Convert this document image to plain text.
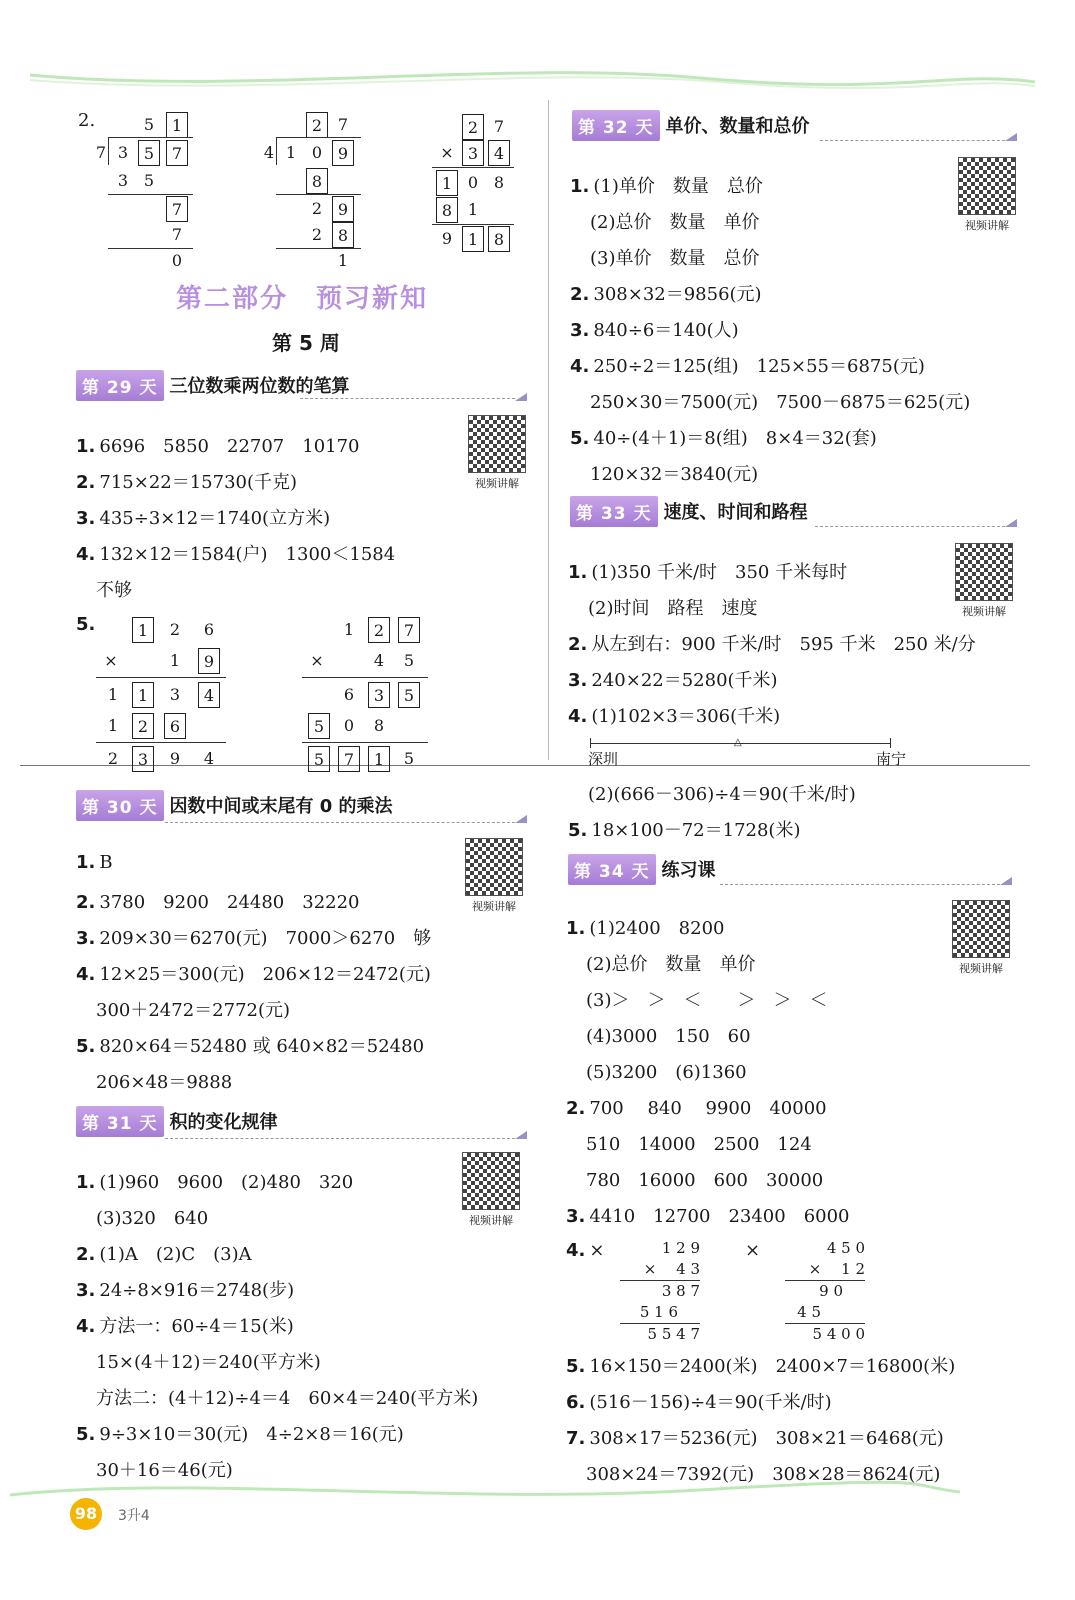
2.	5	1
7 3 5	7
3 5
7
7
0
2 7
4 1 0 9
8
2 9
2 8
1
2 7
× 3 4
1 0 8
8 1
9 1 8
第二部分　预习新知
第 5 周
第 29 天 三位数乘两位数的笔算
视频讲解
1. 6696　5850　22707　10170
2. 715×22＝15730(千克)
3. 435÷3×12＝1740(立方米)
4. 132×12＝1584(户)　1300＜1584
不够
5.	1	2	6
×	1	9
1	1	3	4
1	2	6
2	3	9	4
1	2	7
×	4	5
6	3	5
5	0	8
5	7	1	5
第 30 天 因数中间或末尾有 0 的乘法
视频讲解
1. B
2. 3780　9200　24480　32220
3. 209×30＝6270(元)　7000＞6270　够
4. 12×25＝300(元)　206×12＝2472(元)
300＋2472＝2772(元)
5. 820×64＝52480 或 640×82＝52480
206×48＝9888
第 31 天 积的变化规律
视频讲解
1. (1)960　9600　(2)480　320
(3)320　640
2. (1)A　(2)C　(3)A
3. 24÷8×916＝2748(步)
4. 方法一：60÷4＝15(米)
15×(4＋12)＝240(平方米)
方法二：(4＋12)÷4＝4　60×4＝240(平方米)
5. 9÷3×10＝30(元)　4÷2×8＝16(元)
30＋16＝46(元)
第 32 天 单价、数量和总价
视频讲解
1. (1)单价　数量　总价
(2)总价　数量　单价
(3)单价　数量　总价
2. 308×32＝9856(元)
3. 840÷6＝140(人)
4. 250÷2＝125(组)　125×55＝6875(元)
250×30＝7500(元)　7500－6875＝625(元)
5. 40÷(4＋1)＝8(组)　8×4＝32(套)
120×32＝3840(元)
第 33 天 速度、时间和路程
视频讲解
1. (1)350 千米/时　350 千米每时
(2)时间　路程　速度
2. 从左到右：900 千米/时　595 千米　250 米/分
3. 240×22＝5280(千米)
4. (1)102×3＝306(千米)
△
深圳	南宁
(2)(666－306)÷4＝90(千米/时)
5. 18×100－72＝1728(米)
第 34 天 练习课
视频讲解
1. (1)2400　8200
(2)总价　数量　单价
(3)＞　＞　＜　　＞　＞　＜
(4)3000　150　60
(5)3200　(6)1360
2. 700　 840　 9900　40000
510　14000　2500　124
780　16000　600　30000
3. 4410　12700　23400　6000
4. ×	1 2 9
× 　4 3
3 8 7
5 1 6
5 5 4 7
×	4 5 0
× 　1 2
9 0
4 5
5 4 0 0
5. 16×150＝2400(米)　2400×7＝16800(米)
6. (516－156)÷4＝90(千米/时)
7. 308×17＝5236(元)　308×21＝6468(元)
308×24＝7392(元)　308×28＝8624(元)
98	3升4
